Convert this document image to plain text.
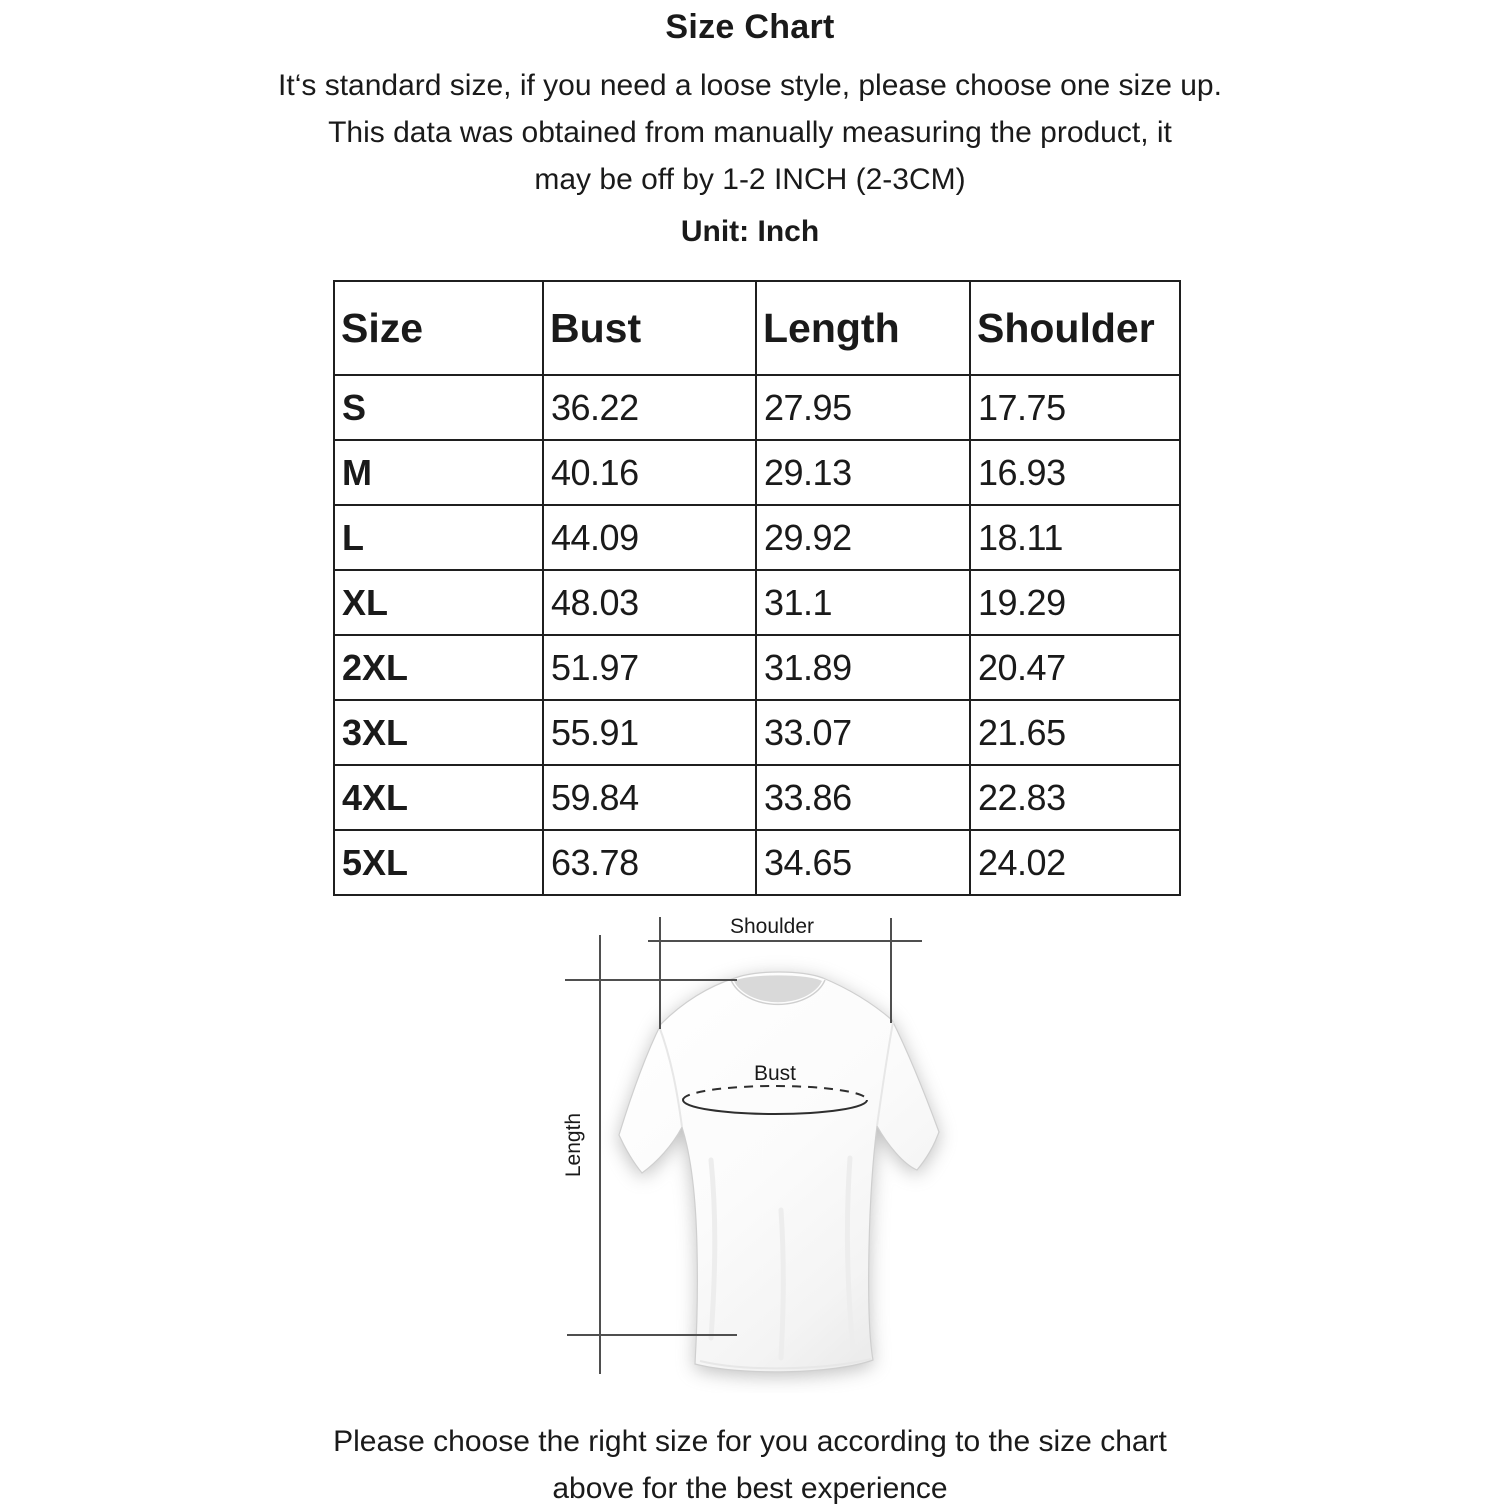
Size Chart

It‘s standard size, if you need a loose style, please choose one size up.
This data was obtained from manually measuring the product, it
may be off by 1-2 INCH (2-3CM)

Unit: Inch
Size	Bust	Length	Shoulder
S	36.22	27.95	17.75
M	40.16	29.13	16.93
L	44.09	29.92	18.11
XL	48.03	31.1	19.29
2XL	51.97	31.89	20.47
3XL	55.91	33.07	21.65
4XL	59.84	33.86	22.83
5XL	63.78	34.65	24.02
Shoulder
Bust
Length

Please choose the right size for you according to the size chart
above for the best experience
